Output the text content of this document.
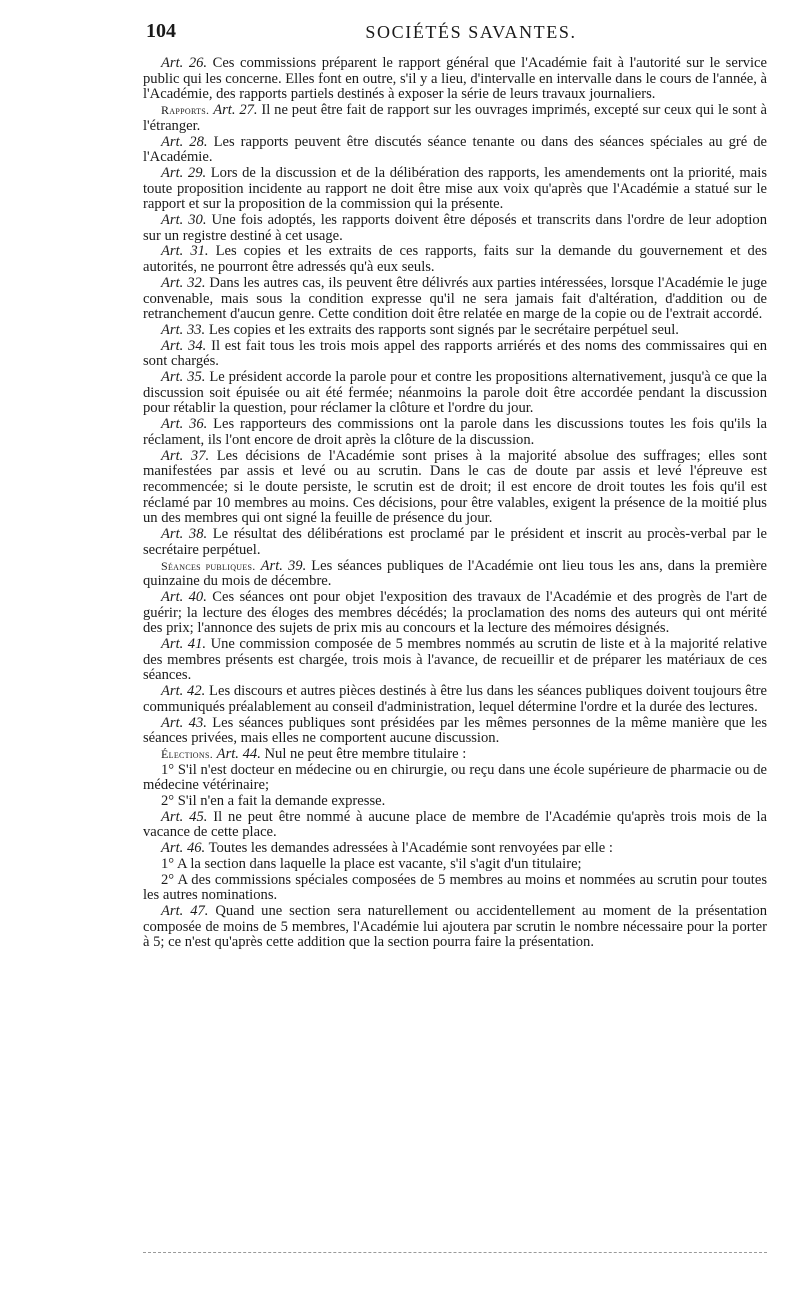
104	SOCIÉTÉS SAVANTES.

Art. 26. Ces commissions préparent le rapport général que l'Académie fait à l'autorité sur le service public qui les concerne. Elles font en outre, s'il y a lieu, d'intervalle en intervalle dans le cours de l'année, à l'Académie, des rapports partiels destinés à exposer la série de leurs travaux journaliers.

Rapports. Art. 27. Il ne peut être fait de rapport sur les ouvrages imprimés, excepté sur ceux qui le sont à l'étranger.

Art. 28. Les rapports peuvent être discutés séance tenante ou dans des séances spéciales au gré de l'Académie.

Art. 29. Lors de la discussion et de la délibération des rapports, les amendements ont la priorité, mais toute proposition incidente au rapport ne doit être mise aux voix qu'après que l'Académie a statué sur le rapport et sur la proposition de la commission qui la présente.

Art. 30. Une fois adoptés, les rapports doivent être déposés et transcrits dans l'ordre de leur adoption sur un registre destiné à cet usage.

Art. 31. Les copies et les extraits de ces rapports, faits sur la demande du gouvernement et des autorités, ne pourront être adressés qu'à eux seuls.

Art. 32. Dans les autres cas, ils peuvent être délivrés aux parties intéressées, lorsque l'Académie le juge convenable, mais sous la condition expresse qu'il ne sera jamais fait d'altération, d'addition ou de retranchement d'aucun genre. Cette condition doit être relatée en marge de la copie ou de l'extrait accordé.

Art. 33. Les copies et les extraits des rapports sont signés par le secrétaire perpétuel seul.

Art. 34. Il est fait tous les trois mois appel des rapports arriérés et des noms des commissaires qui en sont chargés.

Art. 35. Le président accorde la parole pour et contre les propositions alternativement, jusqu'à ce que la discussion soit épuisée ou ait été fermée; néanmoins la parole doit être accordée pendant la discussion pour rétablir la question, pour réclamer la clôture et l'ordre du jour.

Art. 36. Les rapporteurs des commissions ont la parole dans les discussions toutes les fois qu'ils la réclament, ils l'ont encore de droit après la clôture de la discussion.

Art. 37. Les décisions de l'Académie sont prises à la majorité absolue des suffrages; elles sont manifestées par assis et levé ou au scrutin. Dans le cas de doute par assis et levé l'épreuve est recommencée; si le doute persiste, le scrutin est de droit; il est encore de droit toutes les fois qu'il est réclamé par 10 membres au moins. Ces décisions, pour être valables, exigent la présence de la moitié plus un des membres qui ont signé la feuille de présence du jour.

Art. 38. Le résultat des délibérations est proclamé par le président et inscrit au procès-verbal par le secrétaire perpétuel.

Séances publiques. Art. 39. Les séances publiques de l'Académie ont lieu tous les ans, dans la première quinzaine du mois de décembre.

Art. 40. Ces séances ont pour objet l'exposition des travaux de l'Académie et des progrès de l'art de guérir; la lecture des éloges des membres décédés; la proclamation des noms des auteurs qui ont mérité des prix; l'annonce des sujets de prix mis au concours et la lecture des mémoires désignés.

Art. 41. Une commission composée de 5 membres nommés au scrutin de liste et à la majorité relative des membres présents est chargée, trois mois à l'avance, de recueillir et de préparer les matériaux de ces séances.

Art. 42. Les discours et autres pièces destinés à être lus dans les séances publiques doivent toujours être communiqués préalablement au conseil d'administration, lequel détermine l'ordre et la durée des lectures.

Art. 43. Les séances publiques sont présidées par les mêmes personnes de la même manière que les séances privées, mais elles ne comportent aucune discussion.

Élections. Art. 44. Nul ne peut être membre titulaire :

1° S'il n'est docteur en médecine ou en chirurgie, ou reçu dans une école supérieure de pharmacie ou de médecine vétérinaire;

2° S'il n'en a fait la demande expresse.

Art. 45. Il ne peut être nommé à aucune place de membre de l'Académie qu'après trois mois de la vacance de cette place.

Art. 46. Toutes les demandes adressées à l'Académie sont renvoyées par elle :

1° A la section dans laquelle la place est vacante, s'il s'agit d'un titulaire;

2° A des commissions spéciales composées de 5 membres au moins et nommées au scrutin pour toutes les autres nominations.

Art. 47. Quand une section sera naturellement ou accidentellement au moment de la présentation composée de moins de 5 membres, l'Académie lui ajoutera par scrutin le nombre nécessaire pour la porter à 5; ce n'est qu'après cette addition que la section pourra faire la présentation.
